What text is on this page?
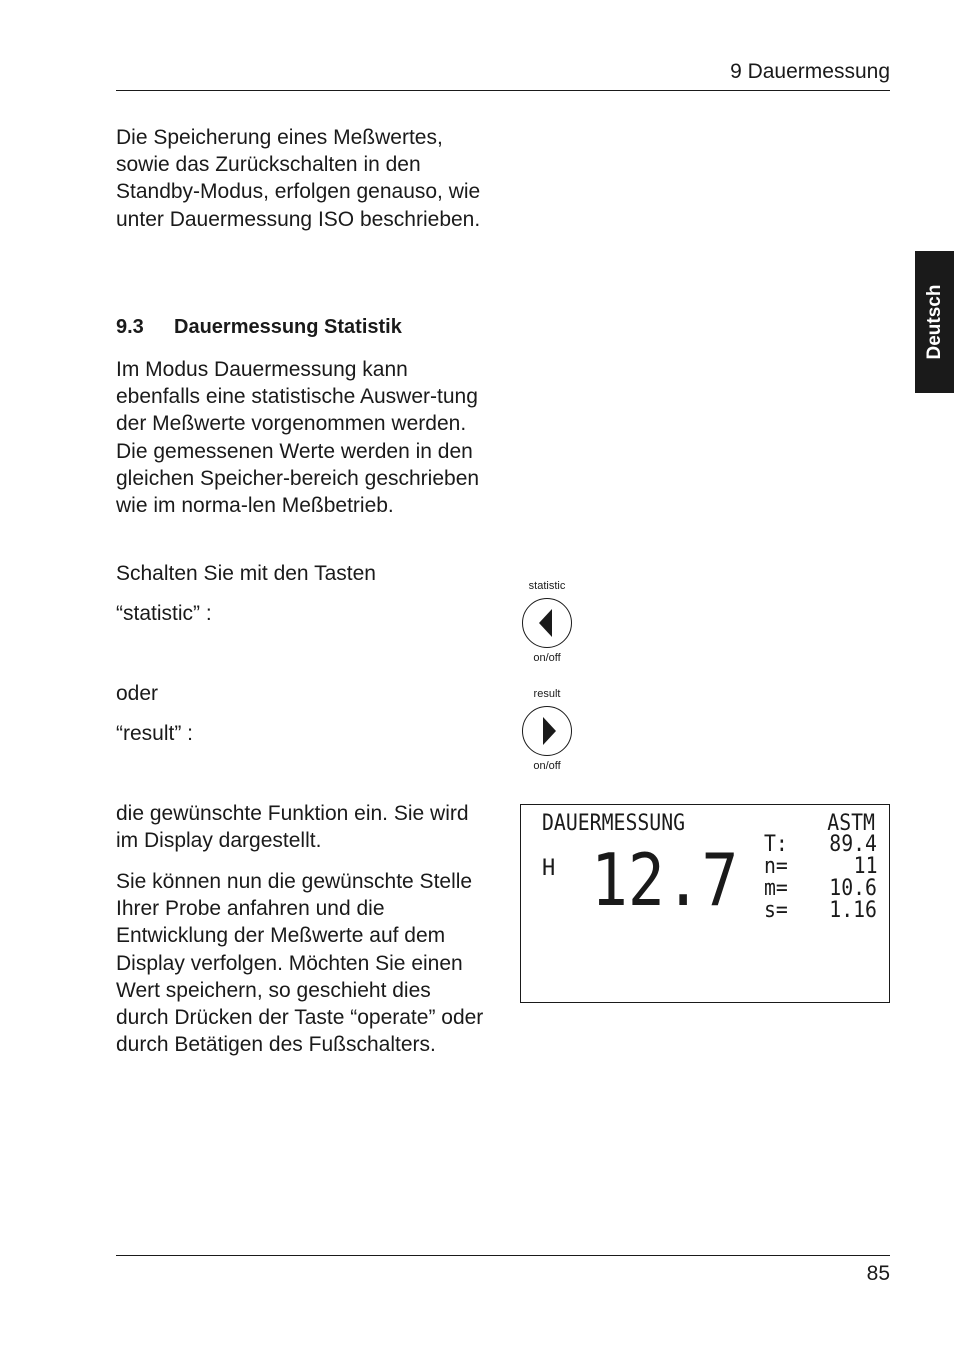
9 Dauermessung
Deutsch

Die Speicherung eines Meßwertes, sowie das Zurückschalten in den Standby-Modus, erfolgen genauso, wie unter Dauermessung ISO beschrieben.

9.3 Dauermessung Statistik

Im Modus Dauermessung kann ebenfalls eine statistische Auswer-tung der Meßwerte vorgenommen werden. Die gemessenen Werte werden in den gleichen Speicher-bereich geschrieben wie im norma-len Meßbetrieb.

Schalten Sie mit den Tasten

“statistic” :

oder

“result” :

die gewünschte Funktion ein. Sie wird im Display dargestellt.

Sie können nun die gewünschte Stelle Ihrer Probe anfahren und die Entwicklung der Meßwerte auf dem Display verfolgen. Möchten Sie einen Wert speichern, so geschieht dies durch Drücken der Taste “operate” oder durch Betätigen des Fußschalters.

statistic
on/off
result
on/off
DAUERMESSUNG	ASTM
H 12.7 T: 89.4
n=	11
m= 10.6
s= 1.16
85
